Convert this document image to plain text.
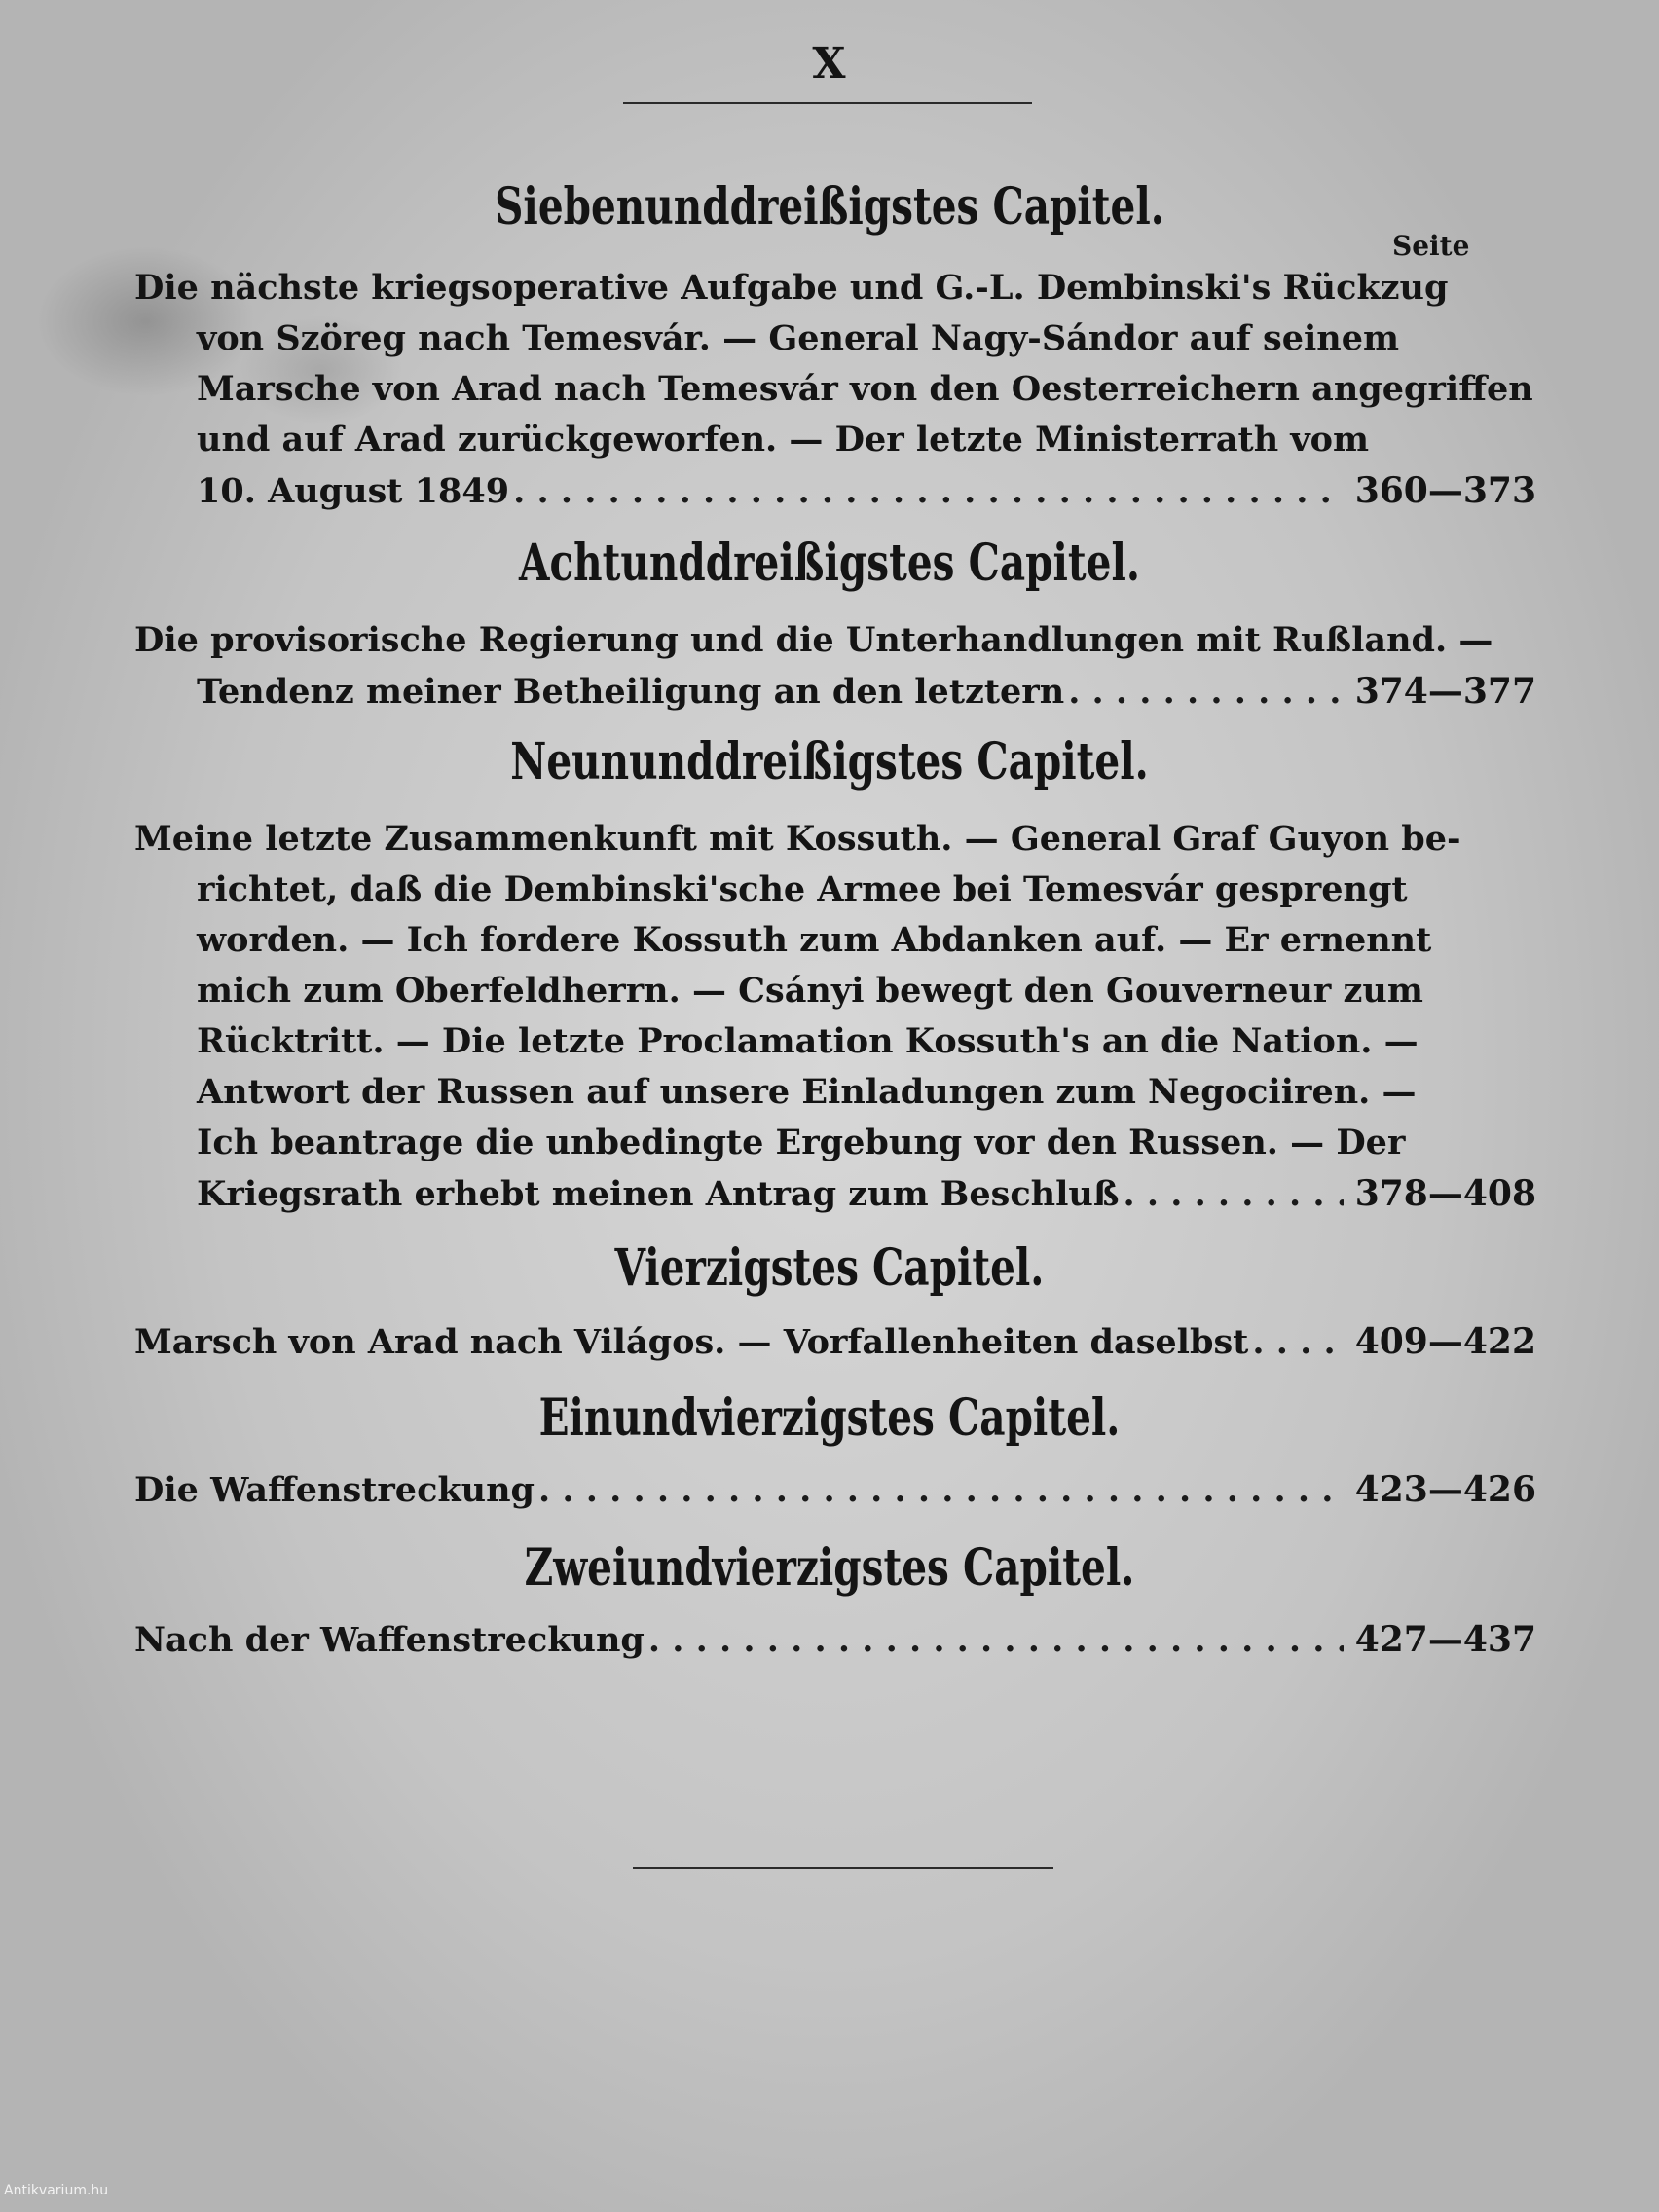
X
Seite
Siebenunddreißigstes Capitel.
Die nächste kriegsoperative Aufgabe und G.-L. Dembinski's Rückzug
von Szöreg nach Temesvár. — General Nagy-Sándor auf seinem
Marsche von Arad nach Temesvár von den Oesterreichern angegriffen
und auf Arad zurückgeworfen. — Der letzte Ministerrath vom
10. August 1849 . . .	360—373
Achtunddreißigstes Capitel.
Die provisorische Regierung und die Unterhandlungen mit Rußland. —
Tendenz meiner Betheiligung an den letztern . . .	374—377
Neununddreißigstes Capitel.
Meine letzte Zusammenkunft mit Kossuth. — General Graf Guyon be-
richtet, daß die Dembinski'sche Armee bei Temesvár gesprengt
worden. — Ich fordere Kossuth zum Abdanken auf. — Er ernennt
mich zum Oberfeldherrn. — Csányi bewegt den Gouverneur zum
Rücktritt. — Die letzte Proclamation Kossuth's an die Nation. —
Antwort der Russen auf unsere Einladungen zum Negociiren. —
Ich beantrage die unbedingte Ergebung vor den Russen. — Der
Kriegsrath erhebt meinen Antrag zum Beschluß . . .	378—408
Vierzigstes Capitel.
Marsch von Arad nach Világos. — Vorfallenheiten daselbst . . .	409—422
Einundvierzigstes Capitel.
Die Waffenstreckung . . .	423—426
Zweiundvierzigstes Capitel.
Nach der Waffenstreckung . . .	427—437
Antikvarium.hu
